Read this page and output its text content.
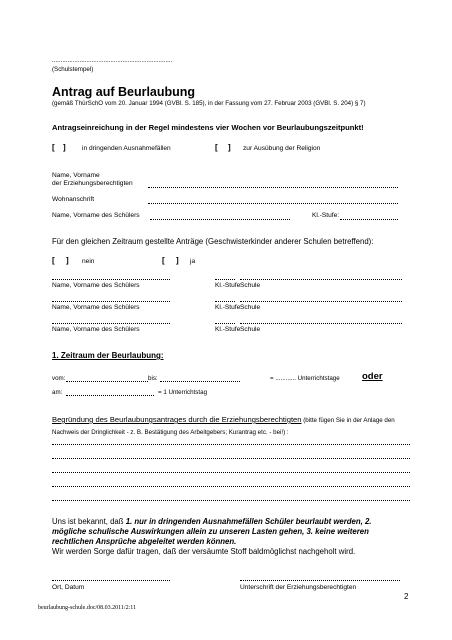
......................................................................
(Schulstempel)
Antrag auf Beurlaubung
(gemäß ThürSchO vom 20. Januar 1994 (GVBl. S. 185), in der Fassung vom 27. Februar 2003 (GVBl. S. 204) § 7)
Antragseinreichung in der Regel mindestens vier Wochen vor Beurlaubungszeitpunkt!
[ ] in dringenden Ausnahmefällen	[ ] zur Ausübung der Religion
Name, Vorname
der Erziehungsberechtigten
Wohnanschrift
Name, Vorname des Schülers	Kl.-Stufe:
Für den gleichen Zeitraum gestellte Anträge (Geschwisterkinder anderer Schulen betreffend):
[ ] nein	[ ] ja
Name, Vorname des Schülers	Kl.-Stufe Schule
Name, Vorname des Schülers	Kl.-Stufe Schule
Name, Vorname des Schülers	Kl.-Stufe Schule
1. Zeitraum der Beurlaubung:
vom:	bis:	= ............ Unterrichtstage oder
am:	= 1 Unterrichtstag
Begründung des Beurlaubungsantrages durch die Erziehungsberechtigten (bitte fügen Sie in der Anlage den Nachweis der Dringlichkeit - z. B. Bestätigung des Arbeitgebers; Kurantrag etc. - bei!) :
Uns ist bekannt, daß 1. nur in dringenden Ausnahmefällen Schüler beurlaubt werden, 2.
mögliche schulische Auswirkungen allein zu unseren Lasten gehen, 3. keine weiteren
rechtlichen Ansprüche abgeleitet werden können.
Wir werden Sorge dafür tragen, daß der versäumte Stoff baldmöglichst nachgeholt wird.
Ort, Datum	Unterschrift der Erziehungsberechtigten
2
beurlaubung-schule.doc/08.03.2011/2:11
